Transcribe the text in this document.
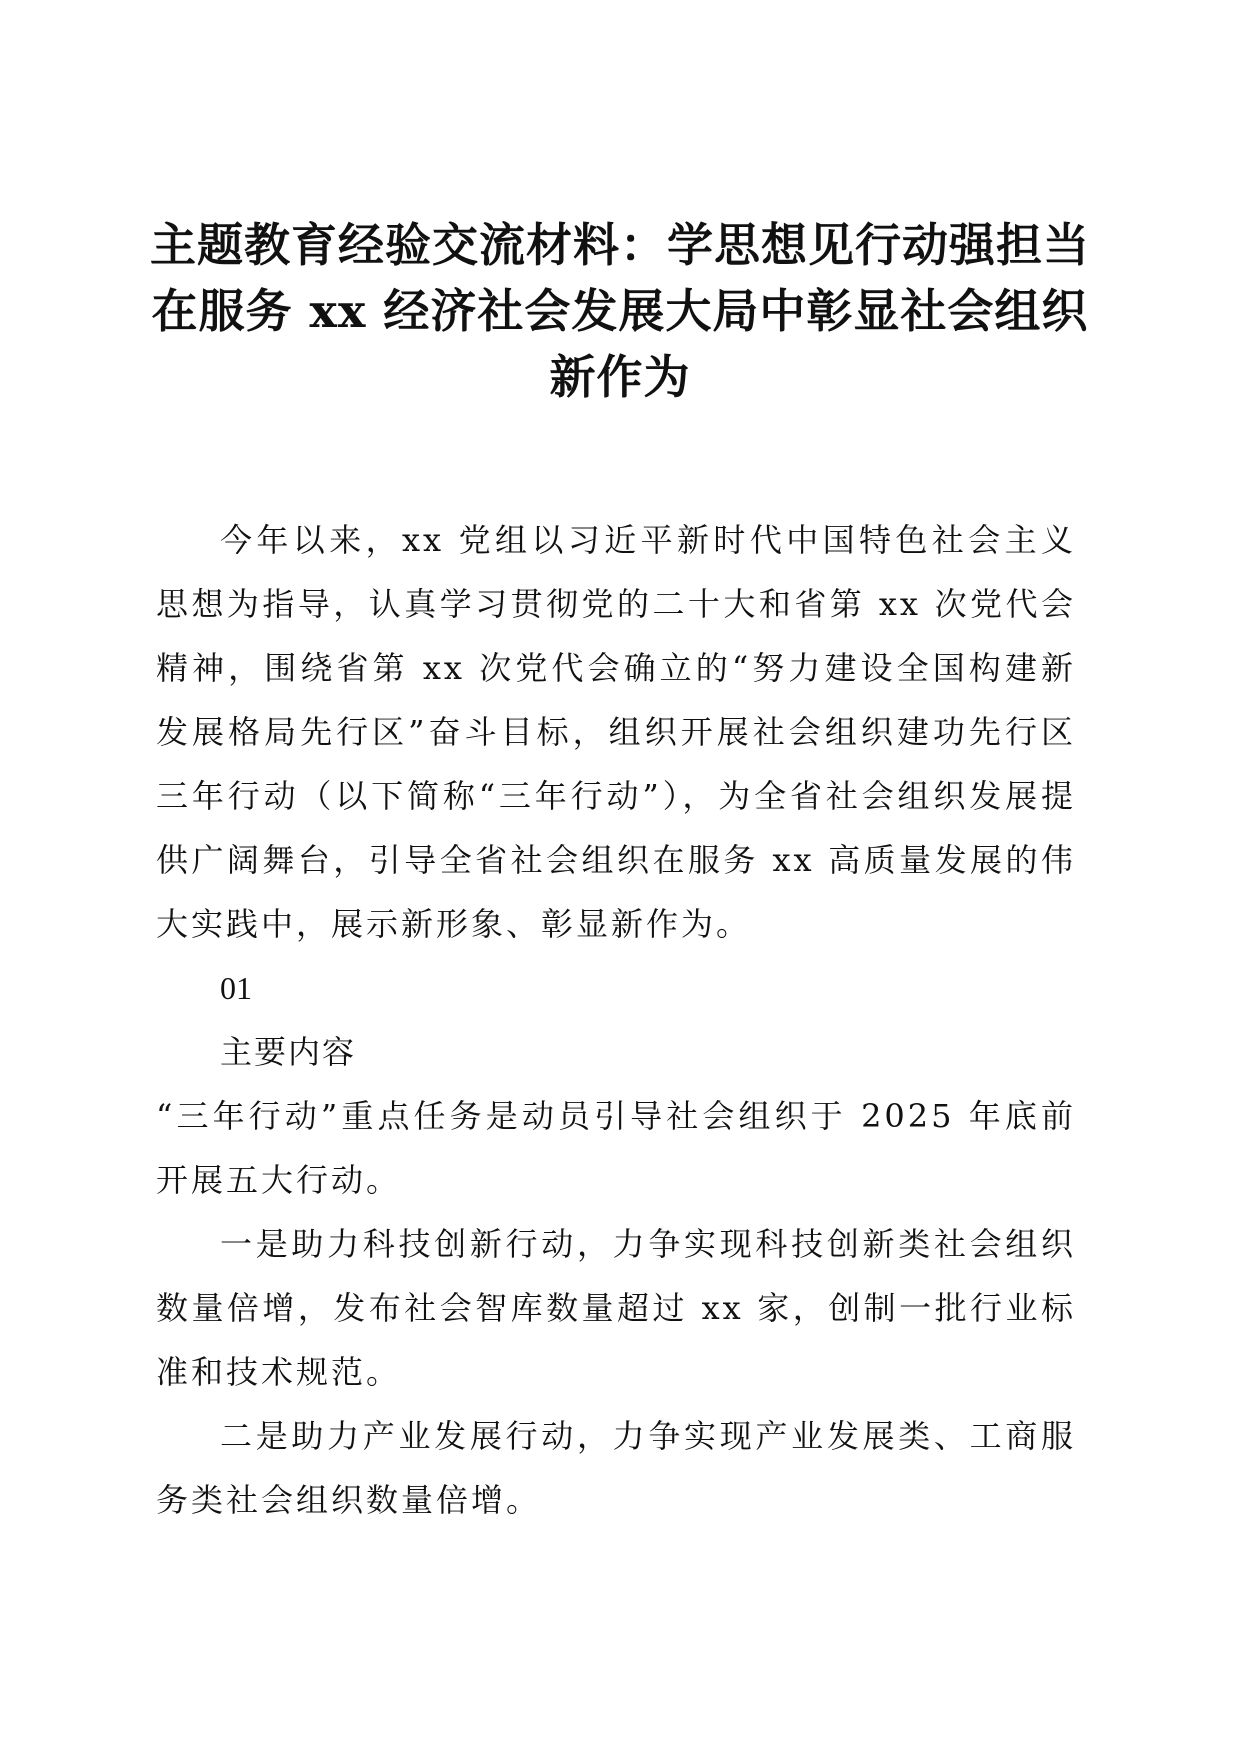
主题教育经验交流材料：学思想见行动强担当
在服务 xx 经济社会发展大局中彰显社会组织
新作为

今年以来，xx 党组以习近平新时代中国特色社会主义思想为指导，认真学习贯彻党的二十大和省第 xx 次党代会精神，围绕省第 xx 次党代会确立的“努力建设全国构建新发展格局先行区”奋斗目标，组织开展社会组织建功先行区三年行动（以下简称“三年行动”），为全省社会组织发展提供广阔舞台，引导全省社会组织在服务 xx 高质量发展的伟大实践中，展示新形象、彰显新作为。

01

主要内容

“三年行动”重点任务是动员引导社会组织于 2025 年底前开展五大行动。

一是助力科技创新行动，力争实现科技创新类社会组织数量倍增，发布社会智库数量超过 xx 家，创制一批行业标准和技术规范。

二是助力产业发展行动，力争实现产业发展类、工商服务类社会组织数量倍增。
